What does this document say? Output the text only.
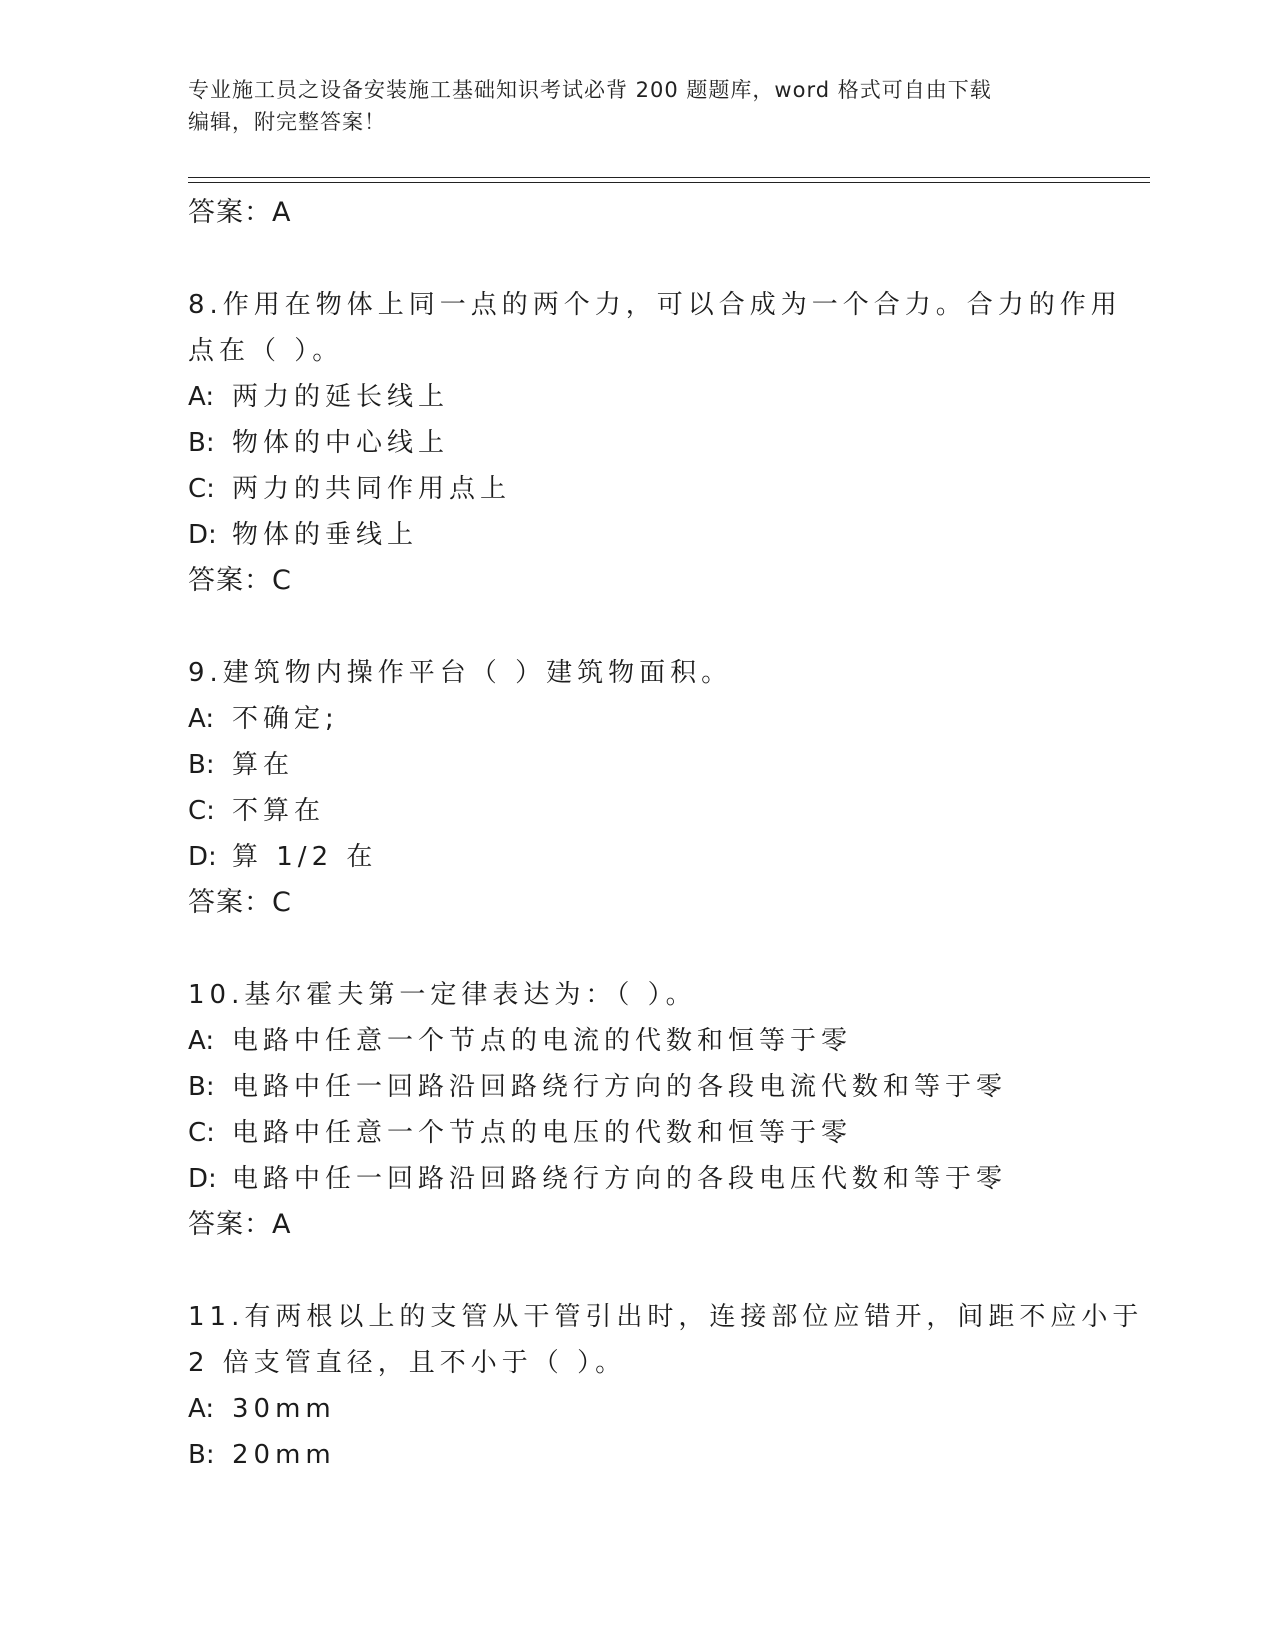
专业施工员之设备安装施工基础知识考试必背 200 题题库，word 格式可自由下载
编辑，附完整答案！
答案：A
8.作用在物体上同一点的两个力，可以合成为一个合力。合力的作用
点在（ ）。
A: 两力的延长线上
B: 物体的中心线上
C: 两力的共同作用点上
D: 物体的垂线上
答案：C
9.建筑物内操作平台（ ）建筑物面积。
A: 不确定;
B: 算在
C: 不算在
D: 算 1/2 在
答案：C
10.基尔霍夫第一定律表达为：（ ）。
A: 电路中任意一个节点的电流的代数和恒等于零
B: 电路中任一回路沿回路绕行方向的各段电流代数和等于零
C: 电路中任意一个节点的电压的代数和恒等于零
D: 电路中任一回路沿回路绕行方向的各段电压代数和等于零
答案：A
11.有两根以上的支管从干管引出时，连接部位应错开，间距不应小于
2 倍支管直径，且不小于（ ）。
A: 30mm
B: 20mm
